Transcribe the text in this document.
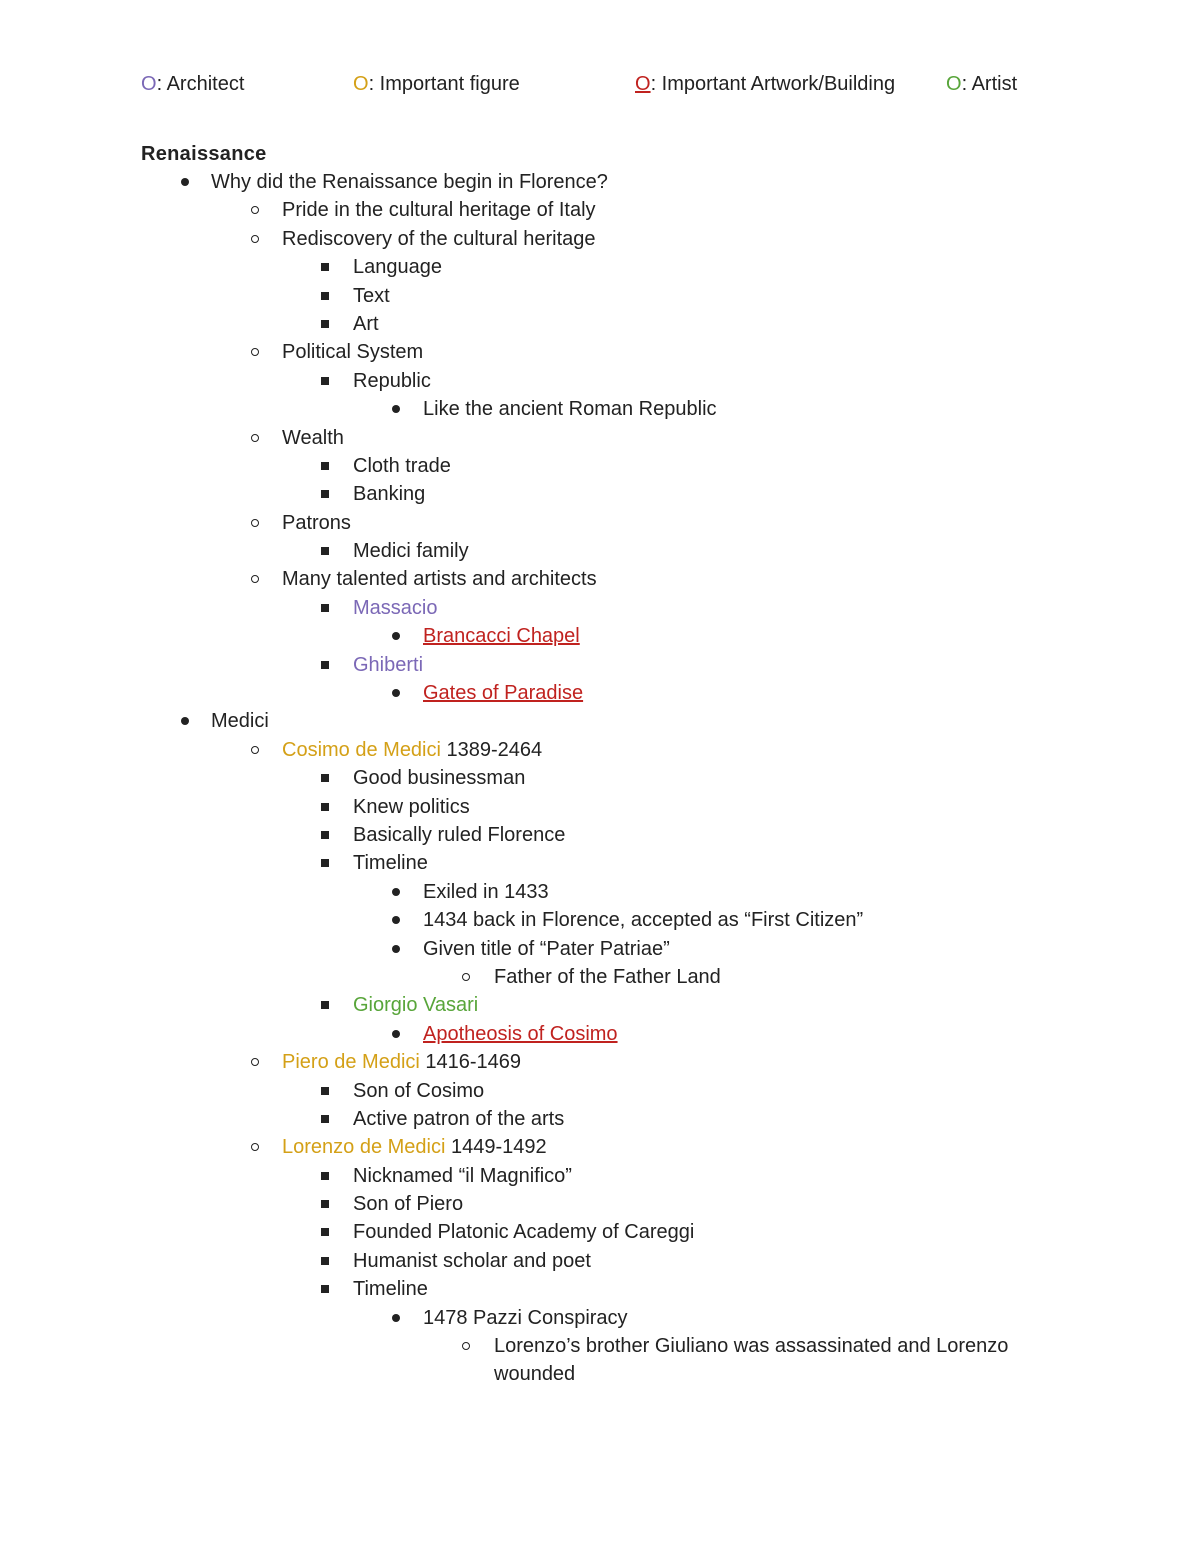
O: Architect	O: Important figure	O: Important Artwork/Building	O: Artist
Renaissance
Why did the Renaissance begin in Florence?
Pride in the cultural heritage of Italy
Rediscovery of the cultural heritage
Language
Text
Art
Political System
Republic
Like the ancient Roman Republic
Wealth
Cloth trade
Banking
Patrons
Medici family
Many talented artists and architects
Massacio
Brancacci Chapel
Ghiberti
Gates of Paradise
Medici
Cosimo de Medici 1389-2464
Good businessman
Knew politics
Basically ruled Florence
Timeline
Exiled in 1433
1434 back in Florence, accepted as “First Citizen”
Given title of “Pater Patriae”
Father of the Father Land
Giorgio Vasari
Apotheosis of Cosimo
Piero de Medici 1416-1469
Son of Cosimo
Active patron of the arts
Lorenzo de Medici 1449-1492
Nicknamed “il Magnifico”
Son of Piero
Founded Platonic Academy of Careggi
Humanist scholar and poet
Timeline
1478 Pazzi Conspiracy
Lorenzo’s brother Giuliano was assassinated and Lorenzo wounded
